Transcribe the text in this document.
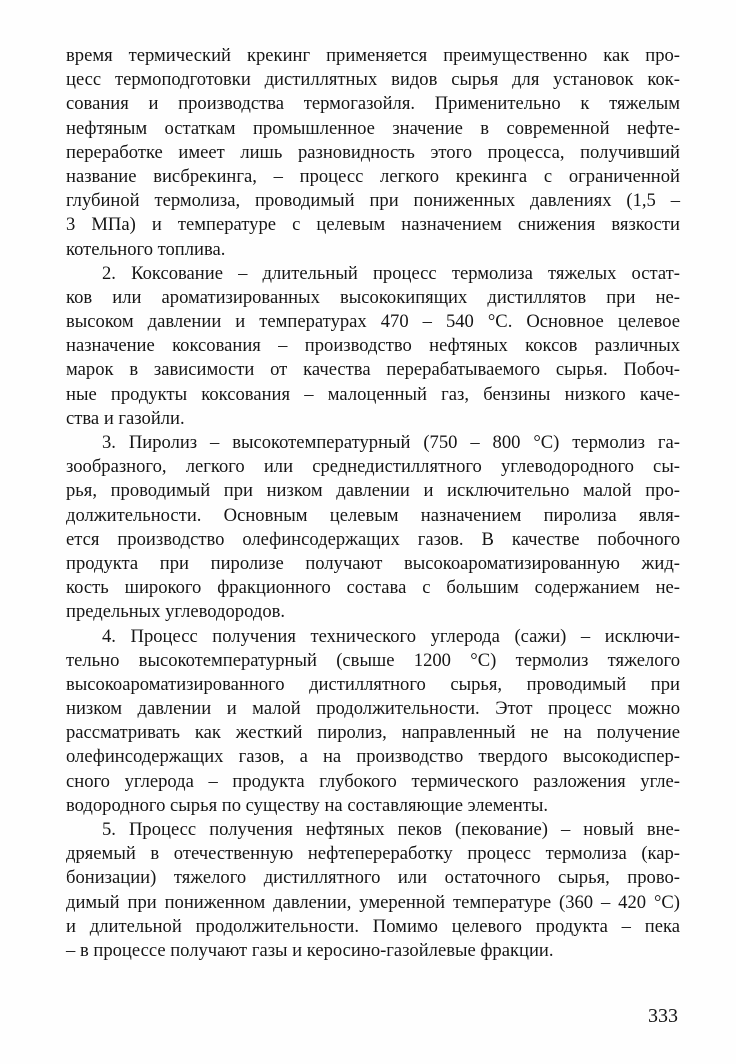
время термический крекинг применяется преимущественно как про-
цесс термоподготовки дистиллятных видов сырья для установок кок-
сования и производства термогазойля. Применительно к тяжелым
нефтяным остаткам промышленное значение в современной нефте-
переработке имеет лишь разновидность этого процесса, получивший
название висбрекинга, – процесс легкого крекинга с ограниченной
глубиной термолиза, проводимый при пониженных давлениях (1,5 –
3 МПа) и температуре с целевым назначением снижения вязкости
котельного топлива.
2. Коксование – длительный процесс термолиза тяжелых остат-
ков или ароматизированных высококипящих дистиллятов при не-
высоком давлении и температурах 470 – 540 °С. Основное целевое
назначение коксования – производство нефтяных коксов различных
марок в зависимости от качества перерабатываемого сырья. Побоч-
ные продукты коксования – малоценный газ, бензины низкого каче-
ства и газойли.
3. Пиролиз – высокотемпературный (750 – 800 °С) термолиз га-
зообразного, легкого или среднедистиллятного углеводородного сы-
рья, проводимый при низком давлении и исключительно малой про-
должительности. Основным целевым назначением пиролиза явля-
ется производство олефинсодержащих газов. В качестве побочного
продукта при пиролизе получают высокоароматизированную жид-
кость широкого фракционного состава с большим содержанием не-
предельных углеводородов.
4. Процесс получения технического углерода (сажи) – исключи-
тельно высокотемпературный (свыше 1200 °С) термолиз тяжелого
высокоароматизированного дистиллятного сырья, проводимый при
низком давлении и малой продолжительности. Этот процесс можно
рассматривать как жесткий пиролиз, направленный не на получение
олефинсодержащих газов, а на производство твердого высокодиспер-
сного углерода – продукта глубокого термического разложения угле-
водородного сырья по существу на составляющие элементы.
5. Процесс получения нефтяных пеков (пекование) – новый вне-
дряемый в отечественную нефтепереработку процесс термолиза (кар-
бонизации) тяжелого дистиллятного или остаточного сырья, прово-
димый при пониженном давлении, умеренной температуре (360 – 420 °С)
и длительной продолжительности. Помимо целевого продукта – пека
– в процессе получают газы и керосино-газойлевые фракции.
333
